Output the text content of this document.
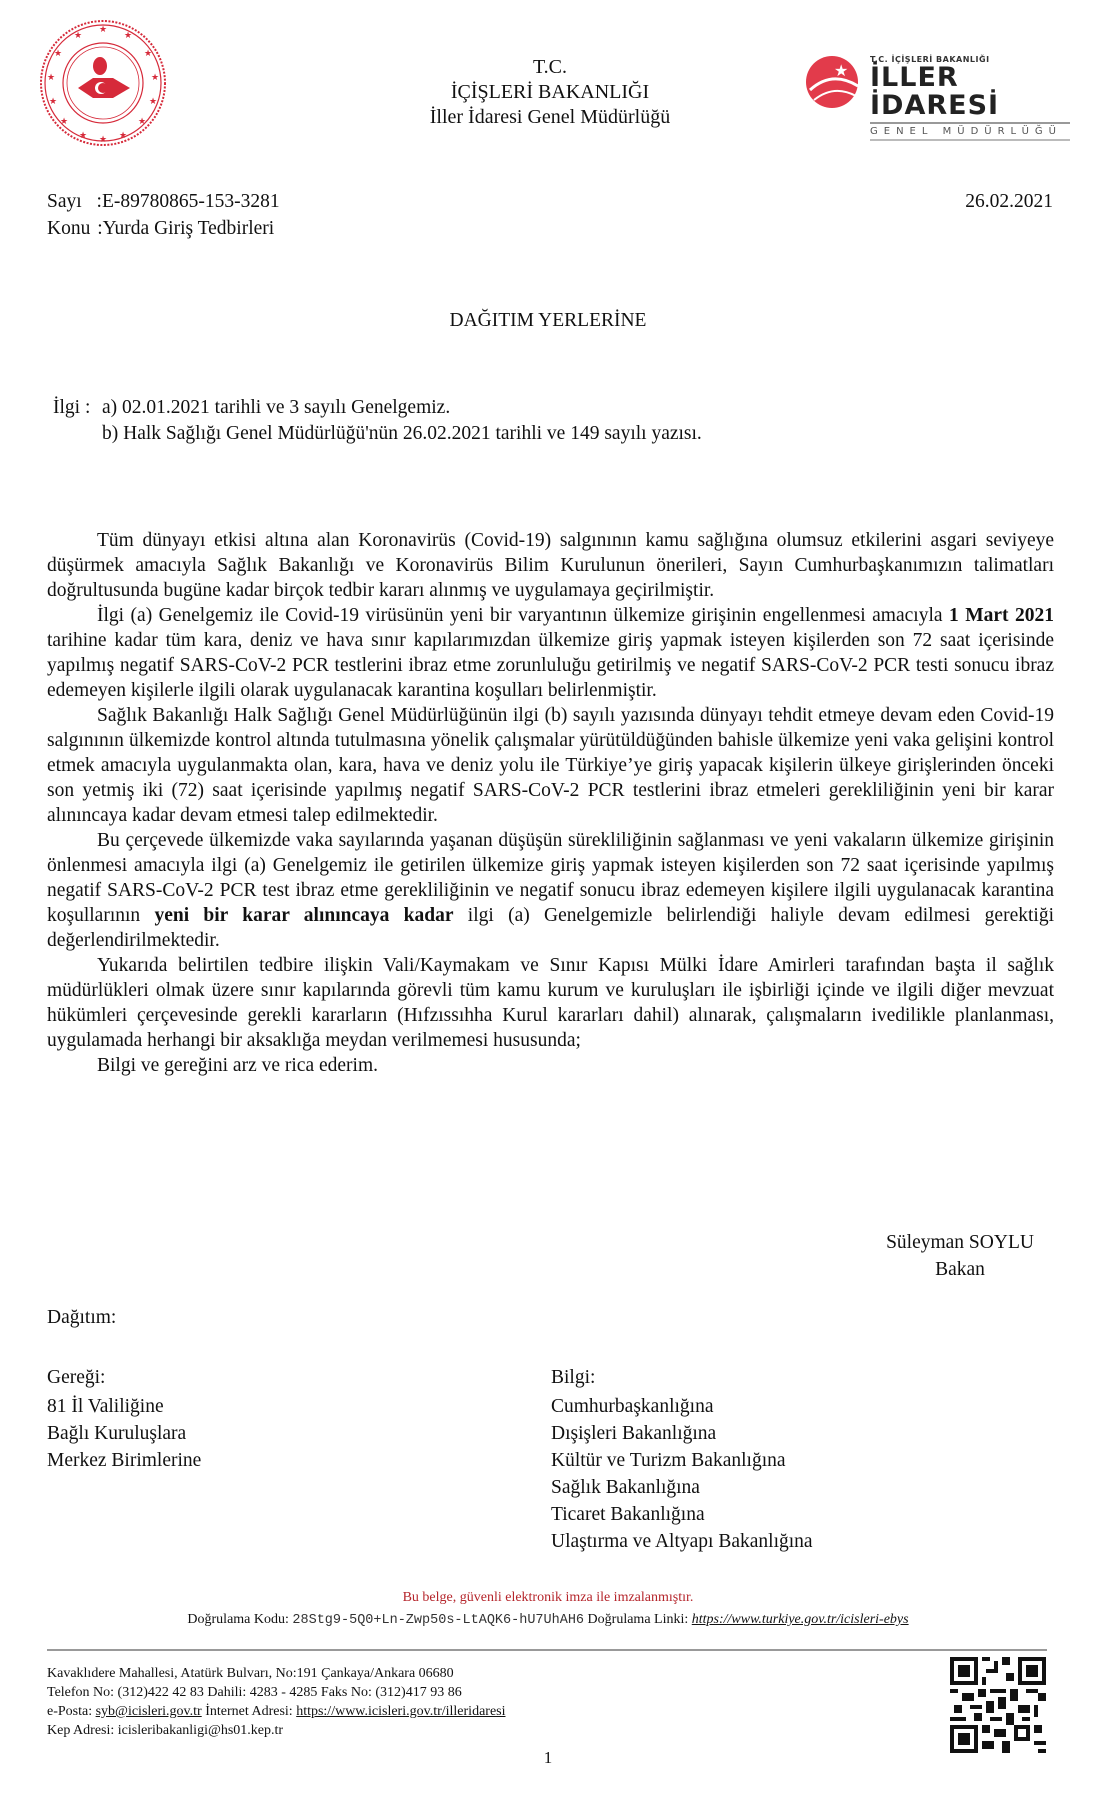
★
★	★
★	★
★	★
★	★
★	★
★	★
★
T.C.
İÇİŞLERİ BAKANLIĞI
İller İdaresi Genel Müdürlüğü
★
T.C. İÇİŞLERİ BAKANLIĞI
İLLER İDARESİ
GENEL MÜDÜRLÜĞÜ
Sayı :E-89780865-153-3281	26.02.2021
Konu :Yurda Giriş Tedbirleri
DAĞITIM YERLERİNE
İlgi : a) 02.01.2021 tarihli ve 3 sayılı Genelgemiz.
b) Halk Sağlığı Genel Müdürlüğü'nün 26.02.2021 tarihli ve 149 sayılı yazısı.

Tüm dünyayı etkisi altına alan Koronavirüs (Covid-19) salgınının kamu sağlığına olumsuz etkilerini asgari seviyeye düşürmek amacıyla Sağlık Bakanlığı ve Koronavirüs Bilim Kurulunun önerileri, Sayın Cumhurbaşkanımızın talimatları doğrultusunda bugüne kadar birçok tedbir kararı alınmış ve uygulamaya geçirilmiştir.

İlgi (a) Genelgemiz ile Covid-19 virüsünün yeni bir varyantının ülkemize girişinin engellenmesi amacıyla 1 Mart 2021 tarihine kadar tüm kara, deniz ve hava sınır kapılarımızdan ülkemize giriş yapmak isteyen kişilerden son 72 saat içerisinde yapılmış negatif SARS-CoV-2 PCR testlerini ibraz etme zorunluluğu getirilmiş ve negatif SARS-CoV-2 PCR testi sonucu ibraz edemeyen kişilerle ilgili olarak uygulanacak karantina koşulları belirlenmiştir.

Sağlık Bakanlığı Halk Sağlığı Genel Müdürlüğünün ilgi (b) sayılı yazısında dünyayı tehdit etmeye devam eden Covid-19 salgınının ülkemizde kontrol altında tutulmasına yönelik çalışmalar yürütüldüğünden bahisle ülkemize yeni vaka gelişini kontrol etmek amacıyla uygulanmakta olan, kara, hava ve deniz yolu ile Türkiye’ye giriş yapacak kişilerin ülkeye girişlerinden önceki son yetmiş iki (72) saat içerisinde yapılmış negatif SARS-CoV-2 PCR testlerini ibraz etmeleri gerekliliğinin yeni bir karar alınıncaya kadar devam etmesi talep edilmektedir.

Bu çerçevede ülkemizde vaka sayılarında yaşanan düşüşün sürekliliğinin sağlanması ve yeni vakaların ülkemize girişinin önlenmesi amacıyla ilgi (a) Genelgemiz ile getirilen ülkemize giriş yapmak isteyen kişilerden son 72 saat içerisinde yapılmış negatif SARS-CoV-2 PCR test ibraz etme gerekliliğinin ve negatif sonucu ibraz edemeyen kişilere ilgili uygulanacak karantina koşullarının yeni bir karar alınıncaya kadar ilgi (a) Genelgemizle belirlendiği haliyle devam edilmesi gerektiği değerlendirilmektedir.

Yukarıda belirtilen tedbire ilişkin Vali/Kaymakam ve Sınır Kapısı Mülki İdare Amirleri tarafından başta il sağlık müdürlükleri olmak üzere sınır kapılarında görevli tüm kamu kurum ve kuruluşları ile işbirliği içinde ve ilgili diğer mevzuat hükümleri çerçevesinde gerekli kararların (Hıfzıssıhha Kurul kararları dahil) alınarak, çalışmaların ivedilikle planlanması, uygulamada herhangi bir aksaklığa meydan verilmemesi hususunda;

Bilgi ve gereğini arz ve rica ederim.

Süleyman SOYLU
Bakan
Dağıtım:
Gereği:
81 İl Valiliğine
Bağlı Kuruluşlara
Merkez Birimlerine
Bilgi:
Cumhurbaşkanlığına
Dışişleri Bakanlığına
Kültür ve Turizm Bakanlığına
Sağlık Bakanlığına
Ticaret Bakanlığına
Ulaştırma ve Altyapı Bakanlığına
Bu belge, güvenli elektronik imza ile imzalanmıştır.
Doğrulama Kodu: 28Stg9-5Q0+Ln-Zwp50s-LtAQK6-hU7UhAH6 Doğrulama Linki: https://www.turkiye.gov.tr/icisleri-ebys
Kavaklıdere Mahallesi, Atatürk Bulvarı, No:191 Çankaya/Ankara 06680
Telefon No: (312)422 42 83 Dahili: 4283 - 4285 Faks No: (312)417 93 86
e-Posta: syb@icisleri.gov.tr İnternet Adresi: https://www.icisleri.gov.tr/illeridaresi
Kep Adresi: icisleribakanligi@hs01.kep.tr
1
